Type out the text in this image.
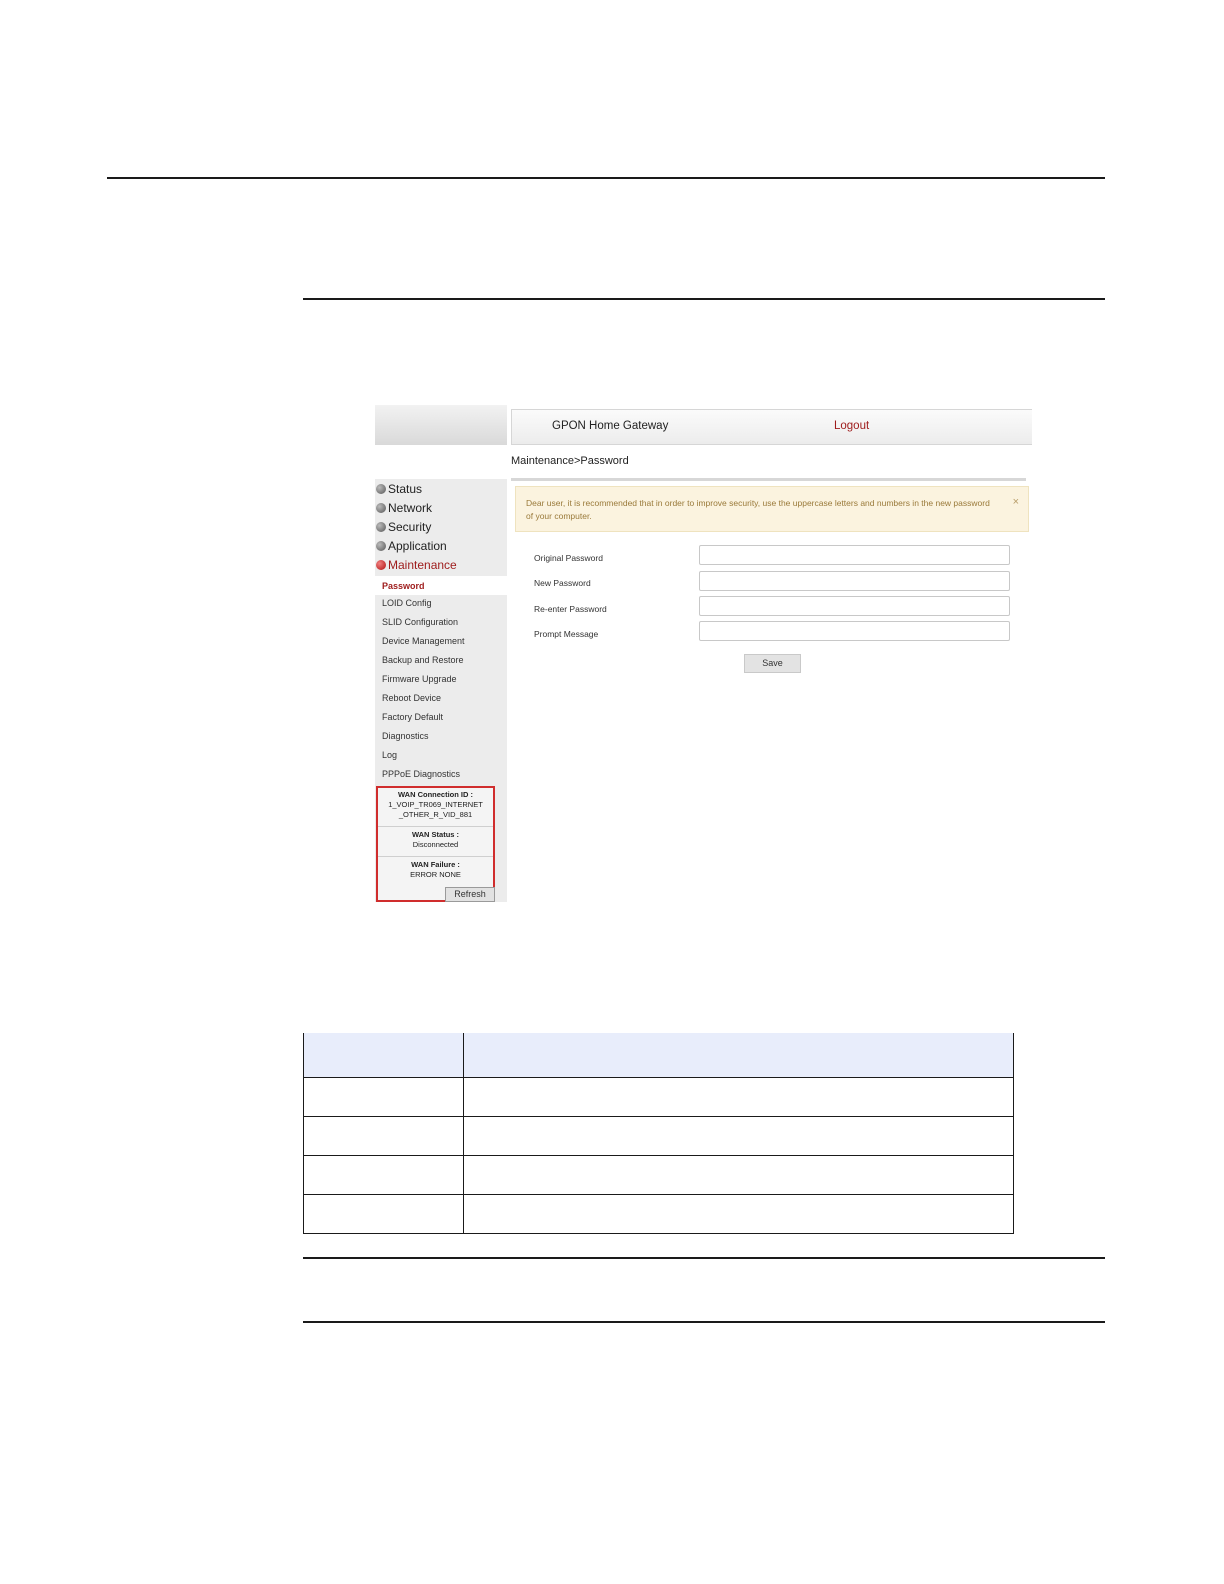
Status
Network
Security
Application
Maintenance
Password
LOID Config
SLID Configuration
Device Management
Backup and Restore
Firmware Upgrade
Reboot Device
Factory Default
Diagnostics
Log
PPPoE Diagnostics
WAN Connection ID :
1_VOIP_TR069_INTERNET
_OTHER_R_VID_881
WAN Status :
Disconnected
WAN Failure :
ERROR NONE
Refresh
GPON Home Gateway	Logout
Maintenance>Password
Dear user, it is recommended that in order to improve security, use the uppercase letters and numbers in the new password of your computer.
×
Original Password
New Password
Re-enter Password
Prompt Message
Save
